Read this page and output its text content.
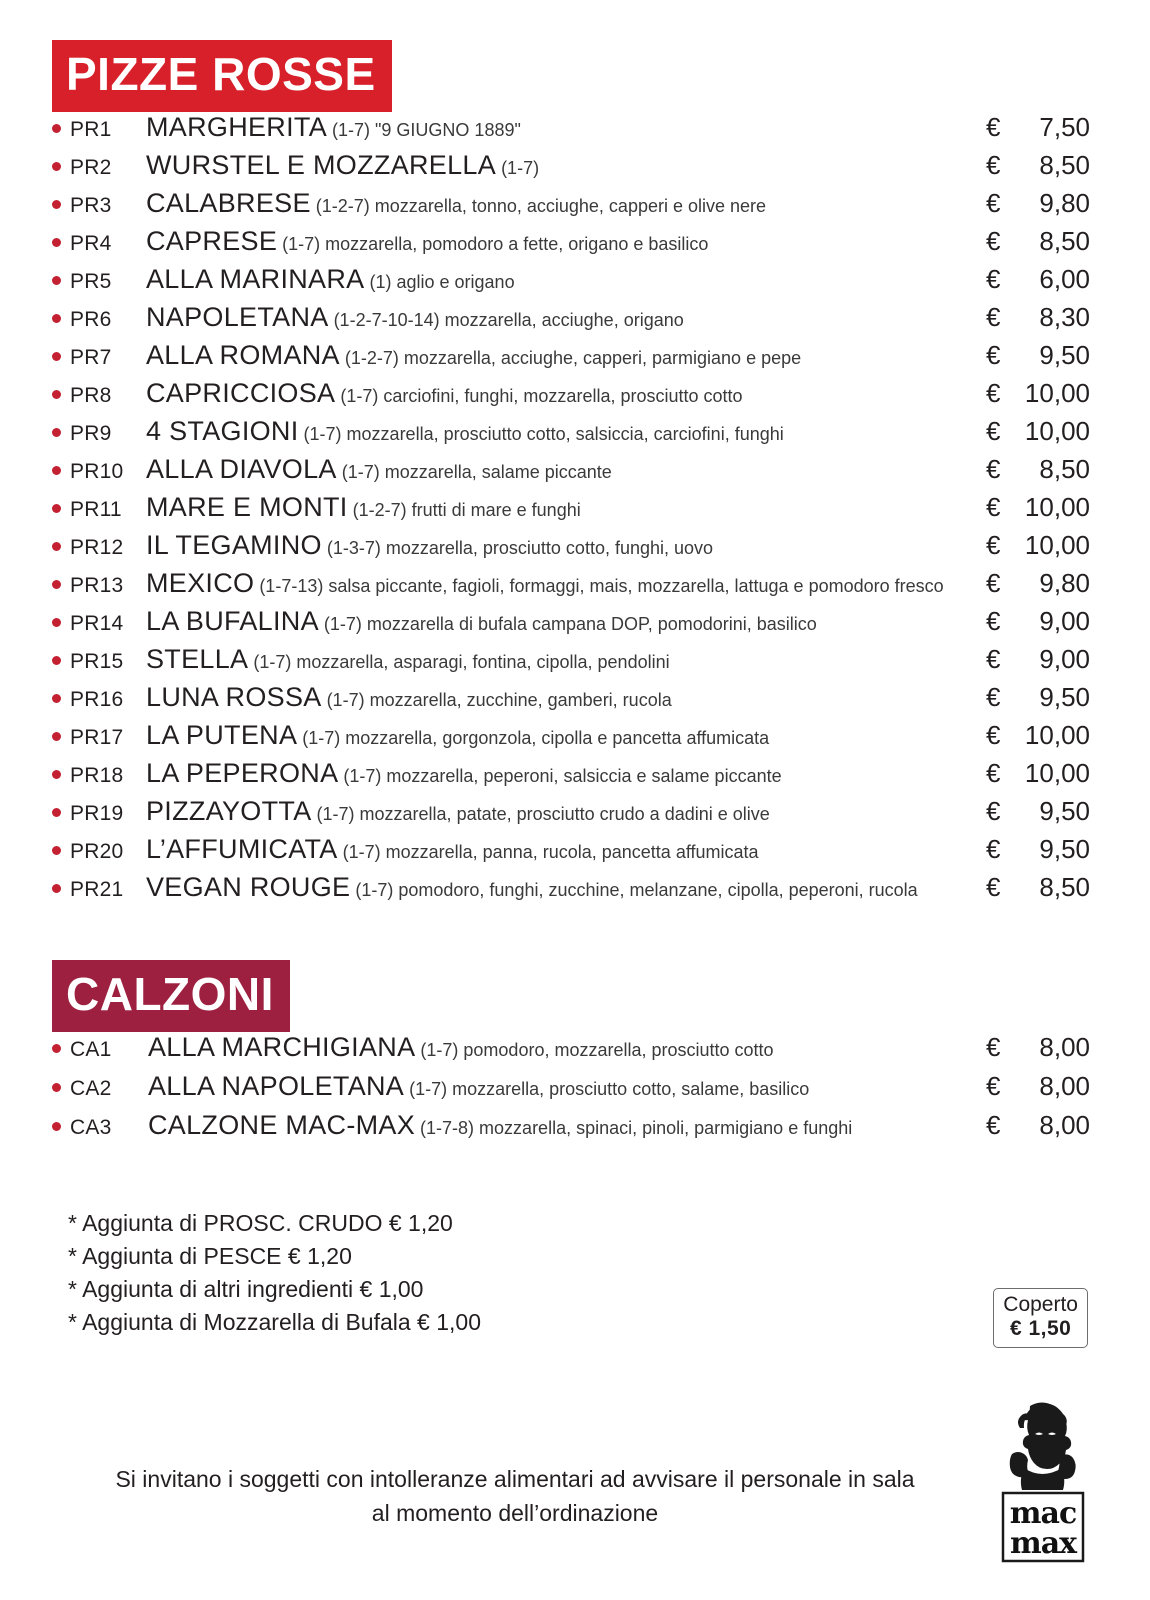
PIZZE ROSSE
PR1	MARGHERITA (1-7) "9 GIUGNO 1889"	€	7,50
PR2	WURSTEL E MOZZARELLA (1-7)	€	8,50
PR3	CALABRESE (1-2-7) mozzarella, tonno, acciughe, capperi e olive nere	€	9,80
PR4	CAPRESE (1-7) mozzarella, pomodoro a fette, origano e basilico	€	8,50
PR5	ALLA MARINARA (1) aglio e origano	€	6,00
PR6	NAPOLETANA (1-2-7-10-14) mozzarella, acciughe, origano	€	8,30
PR7	ALLA ROMANA (1-2-7) mozzarella, acciughe, capperi, parmigiano e pepe	€	9,50
PR8	CAPRICCIOSA (1-7) carciofini, funghi, mozzarella, prosciutto cotto	€ 10,00
PR9	4 STAGIONI (1-7) mozzarella, prosciutto cotto, salsiccia, carciofini, funghi	€ 10,00
PR10 ALLA DIAVOLA (1-7) mozzarella, salame piccante	€	8,50
PR11 MARE E MONTI (1-2-7) frutti di mare e funghi	€ 10,00
PR12 IL TEGAMINO (1-3-7) mozzarella, prosciutto cotto, funghi, uovo	€ 10,00
PR13 MEXICO (1-7-13) salsa piccante, fagioli, formaggi, mais, mozzarella, lattuga e pomodoro fresco	€	9,80
PR14 LA BUFALINA (1-7) mozzarella di bufala campana DOP, pomodorini, basilico	€	9,00
PR15 STELLA (1-7) mozzarella, asparagi, fontina, cipolla, pendolini	€	9,00
PR16 LUNA ROSSA (1-7) mozzarella, zucchine, gamberi, rucola	€	9,50
PR17 LA PUTENA (1-7) mozzarella, gorgonzola, cipolla e pancetta affumicata	€ 10,00
PR18 LA PEPERONA (1-7) mozzarella, peperoni, salsiccia e salame piccante	€ 10,00
PR19 PIZZAYOTTA (1-7) mozzarella, patate, prosciutto crudo a dadini e olive	€	9,50
PR20 L’AFFUMICATA (1-7) mozzarella, panna, rucola, pancetta affumicata	€	9,50
PR21 VEGAN ROUGE (1-7) pomodoro, funghi, zucchine, melanzane, cipolla, peperoni, rucola	€	8,50
CALZONI
CA1	ALLA MARCHIGIANA (1-7) pomodoro, mozzarella, prosciutto cotto	€	8,00
CA2	ALLA NAPOLETANA (1-7) mozzarella, prosciutto cotto, salame, basilico	€	8,00
CA3	CALZONE MAC-MAX (1-7-8) mozzarella, spinaci, pinoli, parmigiano e funghi	€	8,00
* Aggiunta di PROSC. CRUDO € 1,20
* Aggiunta di PESCE € 1,20
* Aggiunta di altri ingredienti € 1,00
* Aggiunta di Mozzarella di Bufala € 1,00
Coperto
€ 1,50
mac
max
Si invitano i soggetti con intolleranze alimentari ad avvisare il personale in sala
al momento dell’ordinazione
